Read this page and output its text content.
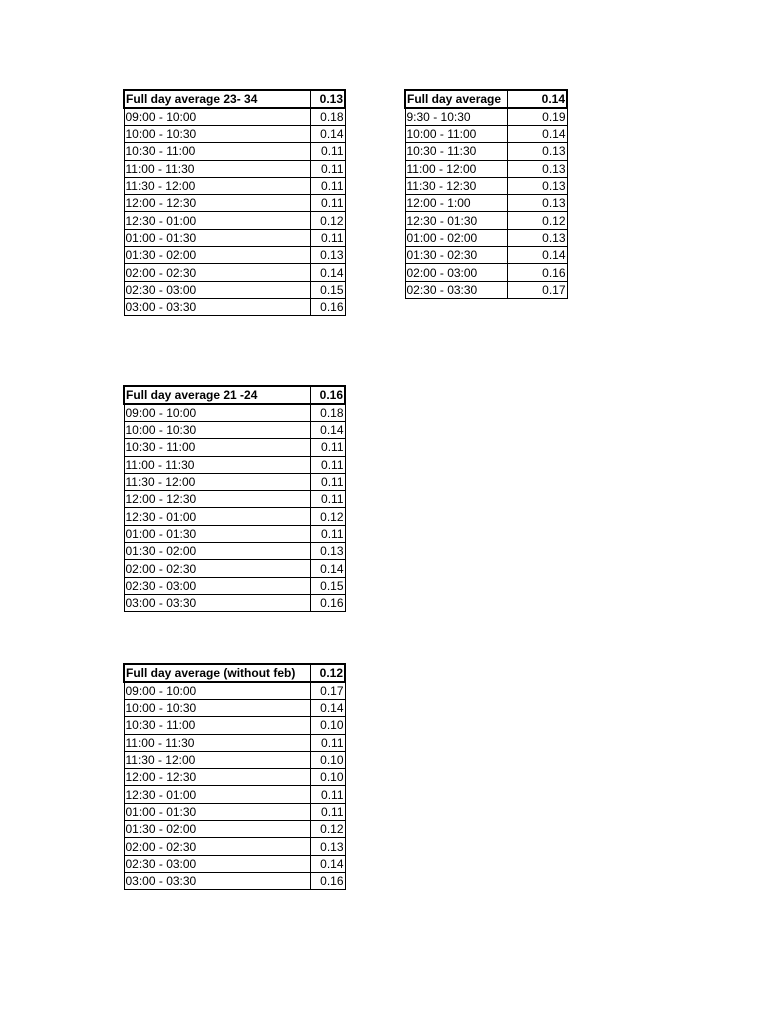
Full day average 23- 34	0.13
09:00 - 10:00	0.18
10:00 - 10:30	0.14
10:30 - 11:00	0.11
11:00 - 11:30	0.11
11:30 - 12:00	0.11
12:00 - 12:30	0.11
12:30 - 01:00	0.12
01:00 - 01:30	0.11
01:30 - 02:00	0.13
02:00 - 02:30	0.14
02:30 - 03:00	0.15
03:00 - 03:30	0.16
Full day average	0.14
9:30 - 10:30	0.19
10:00 - 11:00	0.14
10:30 - 11:30	0.13
11:00 - 12:00	0.13
11:30 - 12:30	0.13
12:00 - 1:00	0.13
12:30 - 01:30	0.12
01:00 - 02:00	0.13
01:30 - 02:30	0.14
02:00 - 03:00	0.16
02:30 - 03:30	0.17
Full day average 21 -24	0.16
09:00 - 10:00	0.18
10:00 - 10:30	0.14
10:30 - 11:00	0.11
11:00 - 11:30	0.11
11:30 - 12:00	0.11
12:00 - 12:30	0.11
12:30 - 01:00	0.12
01:00 - 01:30	0.11
01:30 - 02:00	0.13
02:00 - 02:30	0.14
02:30 - 03:00	0.15
03:00 - 03:30	0.16
Full day average (without feb)	0.12
09:00 - 10:00	0.17
10:00 - 10:30	0.14
10:30 - 11:00	0.10
11:00 - 11:30	0.11
11:30 - 12:00	0.10
12:00 - 12:30	0.10
12:30 - 01:00	0.11
01:00 - 01:30	0.11
01:30 - 02:00	0.12
02:00 - 02:30	0.13
02:30 - 03:00	0.14
03:00 - 03:30	0.16
